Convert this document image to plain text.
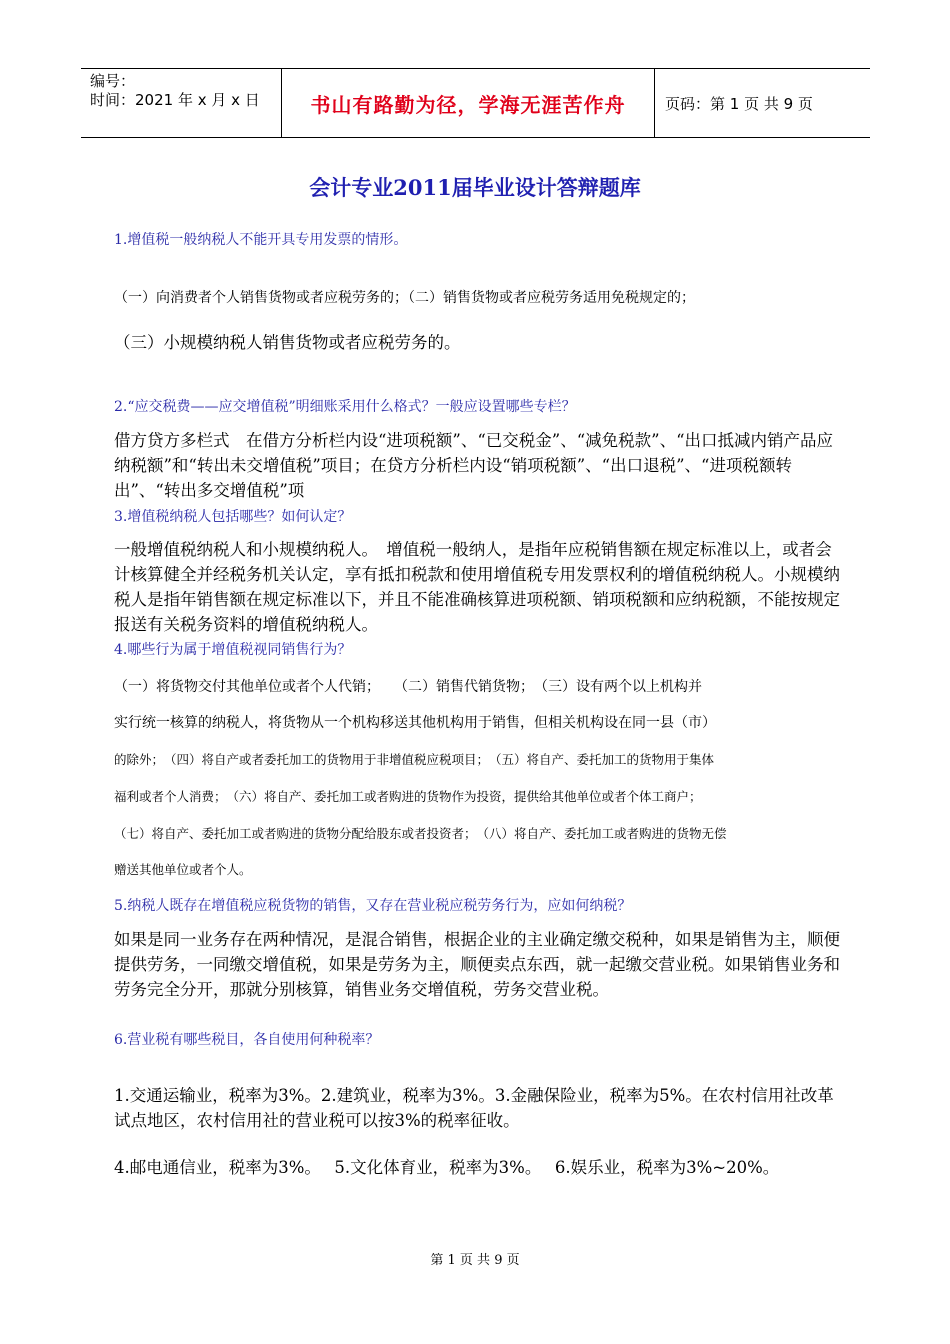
编号：
时间：2021 年 x 月 x 日	书山有路勤为径，学海无涯苦作舟	页码：第 1 页 共 9 页
会计专业2011届毕业设计答辩题库
1.增值税一般纳税人不能开具专用发票的情形。
（一）向消费者个人销售货物或者应税劳务的；（二）销售货物或者应税劳务适用免税规定的；
（三）小规模纳税人销售货物或者应税劳务的。
2.“应交税费——应交增值税”明细账采用什么格式？一般应设置哪些专栏？
借方贷方多栏式　在借方分析栏内设“进项税额”、“已交税金”、“减免税款”、“出口抵减内销产品应纳税额”和“转出未交增值税”项目；在贷方分析栏内设“销项税额”、“出口退税”、“进项税额转出”、“转出多交增值税”项
3.增值税纳税人包括哪些？如何认定？
一般增值税纳税人和小规模纳税人。　增值税一般纳人，是指年应税销售额在规定标准以上，或者会计核算健全并经税务机关认定，享有抵扣税款和使用增值税专用发票权利的增值税纳税人。小规模纳税人是指年销售额在规定标准以下，并且不能准确核算进项税额、销项税额和应纳税额，不能按规定报送有关税务资料的增值税纳税人。
4.哪些行为属于增值税视同销售行为？
（一）将货物交付其他单位或者个人代销；　　（二）销售代销货物；　（三）设有两个以上机构并
实行统一核算的纳税人，将货物从一个机构移送其他机构用于销售，但相关机构设在同一县（市）
的除外；　（四）将自产或者委托加工的货物用于非增值税应税项目；　（五）将自产、委托加工的货物用于集体
福利或者个人消费；　（六）将自产、委托加工或者购进的货物作为投资，提供给其他单位或者个体工商户；
（七）将自产、委托加工或者购进的货物分配给股东或者投资者；　（八）将自产、委托加工或者购进的货物无偿
赠送其他单位或者个人。
5.纳税人既存在增值税应税货物的销售，又存在营业税应税劳务行为，应如何纳税？
如果是同一业务存在两种情况，是混合销售，根据企业的主业确定缴交税种，如果是销售为主，顺便提供劳务，一同缴交增值税，如果是劳务为主，顺便卖点东西，就一起缴交营业税。如果销售业务和劳务完全分开，那就分别核算，销售业务交增值税，劳务交营业税。
6.营业税有哪些税目，各自使用何种税率？
1.交通运输业，税率为3%。2.建筑业，税率为3%。3.金融保险业，税率为5%。在农村信用社改革试点地区，农村信用社的营业税可以按3%的税率征收。
4.邮电通信业，税率为3%。　 5.文化体育业，税率为3%。　 6.娱乐业，税率为3%~20%。
第 1 页 共 9 页
